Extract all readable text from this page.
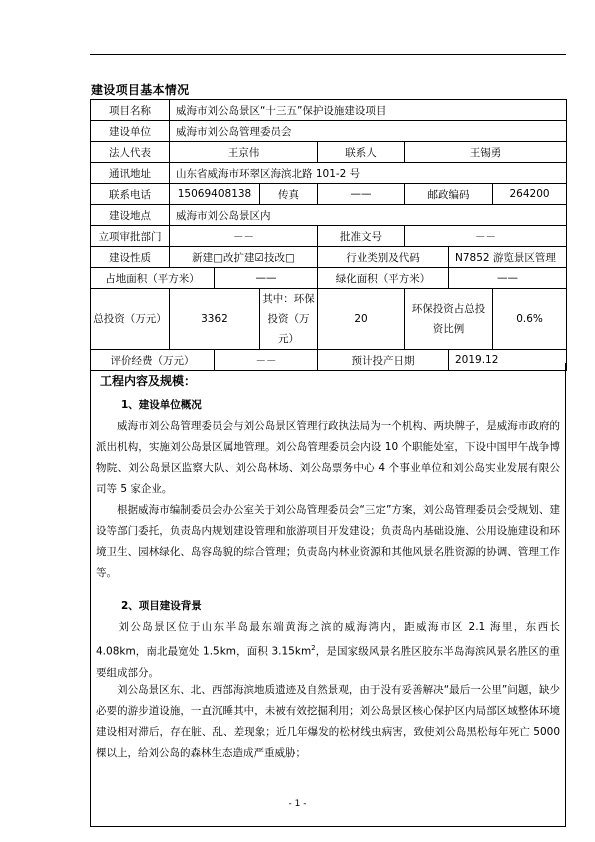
建设项目基本情况
项目名称	威海市刘公岛景区“十三五”保护设施建设项目						
建设单位	威海市刘公岛管理委员会						
法人代表	王京伟			联系人	王锡勇		
通讯地址	山东省威海市环翠区海滨北路 101-2 号						
联系电话	15069408138		传真	——	邮政编码		264200
建设地点	威海市刘公岛景区内						
立项审批部门	－－			批准文号	－－		
建设性质	新建□改扩建☑技改□			行业类别及代码		N7852 游览景区管理	
占地面积（平方米）		——		绿化面积（平方米）		——	
总投资（万元）	3362		其中：环保投资（万元）	20	环保投资占总投资比例		0.6%
评价经费（万元）		－－		预计投产日期		2019.12	
工程内容及规模：
1、建设单位概况
威海市刘公岛管理委员会与刘公岛景区管理行政执法局为一个机构、两块牌子，是威海市政府的派出机构，实施刘公岛景区属地管理。刘公岛管理委员会内设 10 个职能处室，下设中国甲午战争博物院、刘公岛景区监察大队、刘公岛林场、刘公岛票务中心 4 个事业单位和刘公岛实业发展有限公司等 5 家企业。
根据威海市编制委员会办公室关于刘公岛管理委员会“三定”方案，刘公岛管理委员会受规划、建设等部门委托，负责岛内规划建设管理和旅游项目开发建设；负责岛内基础设施、公用设施建设和环境卫生、园林绿化、岛容岛貌的综合管理；负责岛内林业资源和其他风景名胜资源的协调、管理工作等。
2、项目建设背景
刘公岛景区位于山东半岛最东端黄海之滨的威海湾内，距威海市区 2.1 海里，东西长 4.08km，南北最宽处 1.5km，面积 $3.15km^2$，是国家级风景名胜区胶东半岛海滨风景名胜区的重要组成部分。
刘公岛景区东、北、西部海滨地质遗迹及自然景观，由于没有妥善解决“最后一公里”问题，缺少必要的游步道设施，一直沉睡其中，未被有效挖掘利用；刘公岛景区核心保护区内局部区域整体环境建设相对滞后，存在脏、乱、差现象；近几年爆发的松材线虫病害，致使刘公岛黑松每年死亡 5000 棵以上，给刘公岛的森林生态造成严重威胁；
- 1 -
